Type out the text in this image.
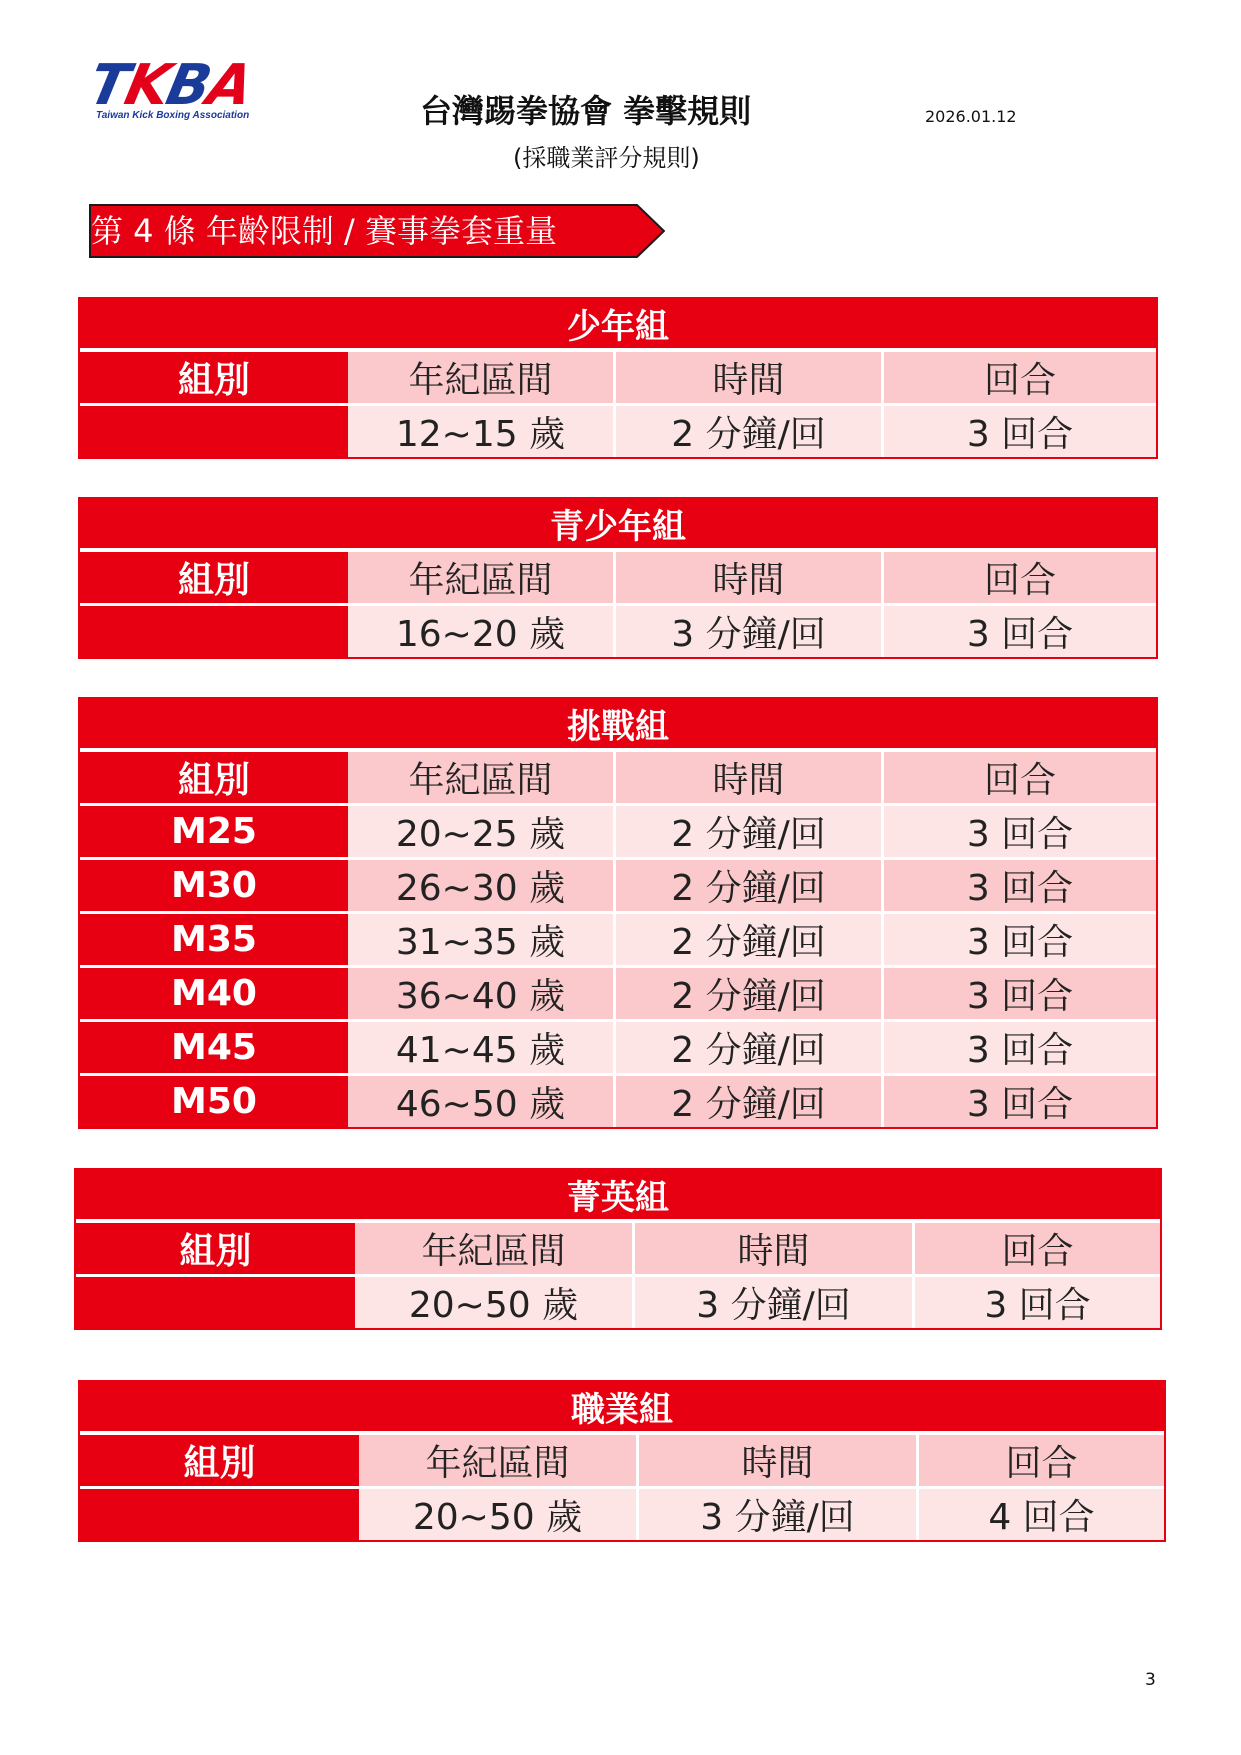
TKBA
Taiwan Kick Boxing Association	台灣踢拳協會 拳擊規則	2026.01.12
(採職業評分規則)
第 4 條 年齡限制 / 賽事拳套重量
少年組			
組別	年紀區間	時間	回合
	12~15 歲	2 分鐘/回	3 回合
青少年組			
組別	年紀區間	時間	回合
	16~20 歲	3 分鐘/回	3 回合
挑戰組			
組別	年紀區間	時間	回合
M25	20~25 歲	2 分鐘/回	3 回合
M30	26~30 歲	2 分鐘/回	3 回合
M35	31~35 歲	2 分鐘/回	3 回合
M40	36~40 歲	2 分鐘/回	3 回合
M45	41~45 歲	2 分鐘/回	3 回合
M50	46~50 歲	2 分鐘/回	3 回合
菁英組			
組別	年紀區間	時間	回合
	20~50 歲	3 分鐘/回	3 回合
職業組			
組別	年紀區間	時間	回合
	20~50 歲	3 分鐘/回	4 回合
3
